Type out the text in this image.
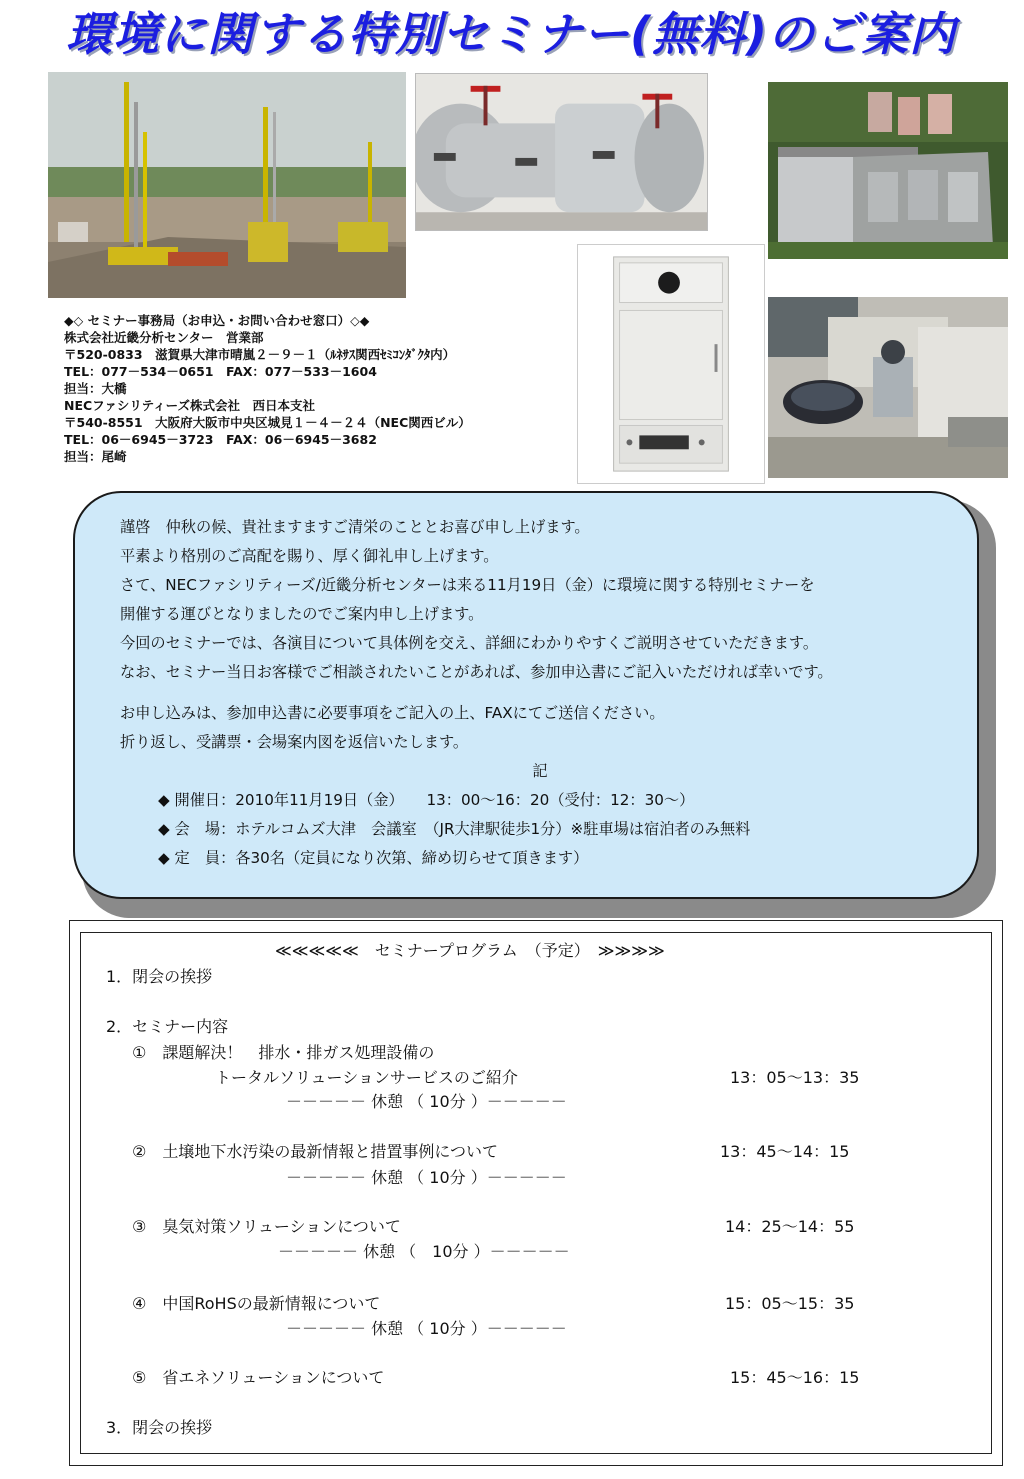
環境に関する特別セミナー(無料)のご案内
◆◇ セミナー事務局（お申込・お問い合わせ窓口）◇◆
株式会社近畿分析センター　営業部
〒520-0833　滋賀県大津市晴嵐２－９－１（ﾙﾈｻｽ関西ｾﾐｺﾝﾀﾞｸﾀ内）
TEL：077－534－0651　FAX：077－533－1604
担当：大橋
NECファシリティーズ株式会社　西日本支社
〒540-8551　大阪府大阪市中央区城見１－４－２４（NEC関西ビル）
TEL：06－6945－3723　FAX：06－6945－3682
担当：尾崎
謹啓　仲秋の候、貴社ますますご清栄のこととお喜び申し上げます。
平素より格別のご高配を賜り、厚く御礼申し上げます。
さて、NECファシリティーズ/近畿分析センターは来る11月19日（金）に環境に関する特別セミナーを
開催する運びとなりましたのでご案内申し上げます。
今回のセミナーでは、各演目について具体例を交え、詳細にわかりやすくご説明させていただきます。
なお、セミナー当日お客様でご相談されたいことがあれば、参加申込書にご記入いただければ幸いです。
お申し込みは、参加申込書に必要事項をご記入の上、FAXにてご送信ください。
折り返し、受講票・会場案内図を返信いたします。
記
◆ 開催日：2010年11月19日（金）　　13：00～16：20（受付：12：30～）
◆ 会　場：ホテルコムズ大津　会議室　（JR大津駅徒歩1分）※駐車場は宿泊者のみ無料
◆ 定　員：各30名（定員になり次第、締め切らせて頂きます）
≪≪≪≪≪　セミナープログラム　（予定）　≫≫≫≫
1．閉会の挨拶
2．セミナー内容
①　課題解決！　排水・排ガス処理設備の
トータルソリューションサービスのご紹介	13：05～13：35
－－－－－ 休憩 （ 10分 ）－－－－－
②　土壌地下水汚染の最新情報と措置事例について	13：45～14：15
－－－－－ 休憩 （ 10分 ）－－－－－
③　臭気対策ソリューションについて	14：25～14：55
－－－－－ 休憩 （　10分 ）－－－－－
④　中国RoHSの最新情報について	15：05～15：35
－－－－－ 休憩 （ 10分 ）－－－－－
⑤　省エネソリューションについて	15：45～16：15
3．閉会の挨拶
